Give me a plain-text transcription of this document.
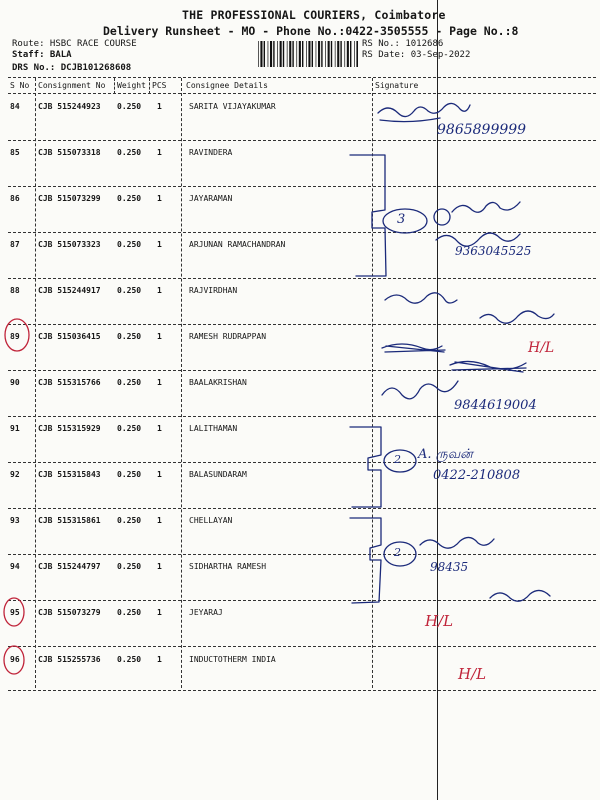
THE PROFESSIONAL COURIERS, Coimbatore
Delivery Runsheet - MO - Phone No.:0422-3505555 - Page No.:8
Route: HSBC RACE COURSE
Staff: BALA
DRS No.: DCJB101268608
RS No.: 1012686
RS Date: 03-Sep-2022
S No Consignment No Weight PCS Consignee Details	Signature
84 CJB 515244923 0.250 1	SARITA VIJAYAKUMAR
85 CJB 515073318 0.250 1	RAVINDERA
86 CJB 515073299 0.250 1	JAYARAMAN
87 CJB 515073323 0.250 1	ARJUNAN RAMACHANDRAN
88 CJB 515244917 0.250 1	RAJVIRDHAN
89 CJB 515036415 0.250 1	RAMESH RUDRAPPAN
90 CJB 515315766 0.250 1	BAALAKRISHAN
91 CJB 515315929 0.250 1	LALITHAMAN
92 CJB 515315843 0.250 1	BALASUNDARAM
93 CJB 515315861 0.250 1	CHELLAYAN
94 CJB 515244797 0.250 1	SIDHARTHA RAMESH
95 CJB 515073279 0.250 1	JEYARAJ
96 CJB 515255736 0.250 1	INDUCTOTHERM INDIA
9865899999
3
9363045525
9844619004
2 A. ருவன்
0422-210808
2
98435
H/L
H/L
H/L
